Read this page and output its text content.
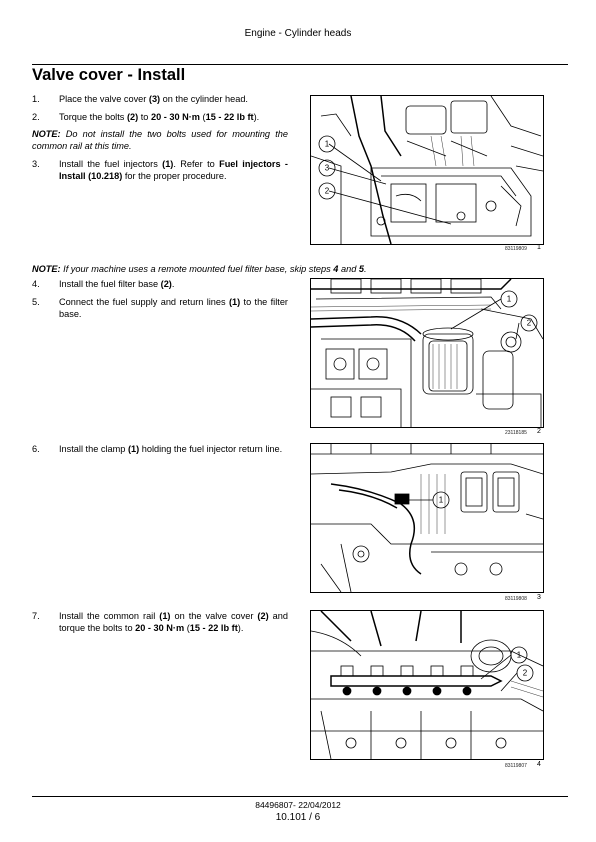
Engine - Cylinder heads
Valve cover - Install
1. Place the valve cover (3) on the cylinder head.
2. Torque the bolts (2) to 20 - 30 N·m (15 - 22 lb ft).
NOTE: Do not install the two bolts used for mounting the common rail at this time.
3. Install the fuel injectors (1). Refer to Fuel injectors - Install (10.218) for the proper procedure.
1
3
2
83119809 1
NOTE: If your machine uses a remote mounted fuel filter base, skip steps 4 and 5.
4. Install the fuel filter base (2).
5. Connect the fuel supply and return lines (1) to the filter base.
1
2
23118185 2
6. Install the clamp (1) holding the fuel injector return line.
1
83119808 3
7. Install the common rail (1) on the valve cover (2) and torque the bolts to 20 - 30 N·m (15 - 22 lb ft).
1
2
83119807 4
84496807- 22/04/2012
10.101 / 6
